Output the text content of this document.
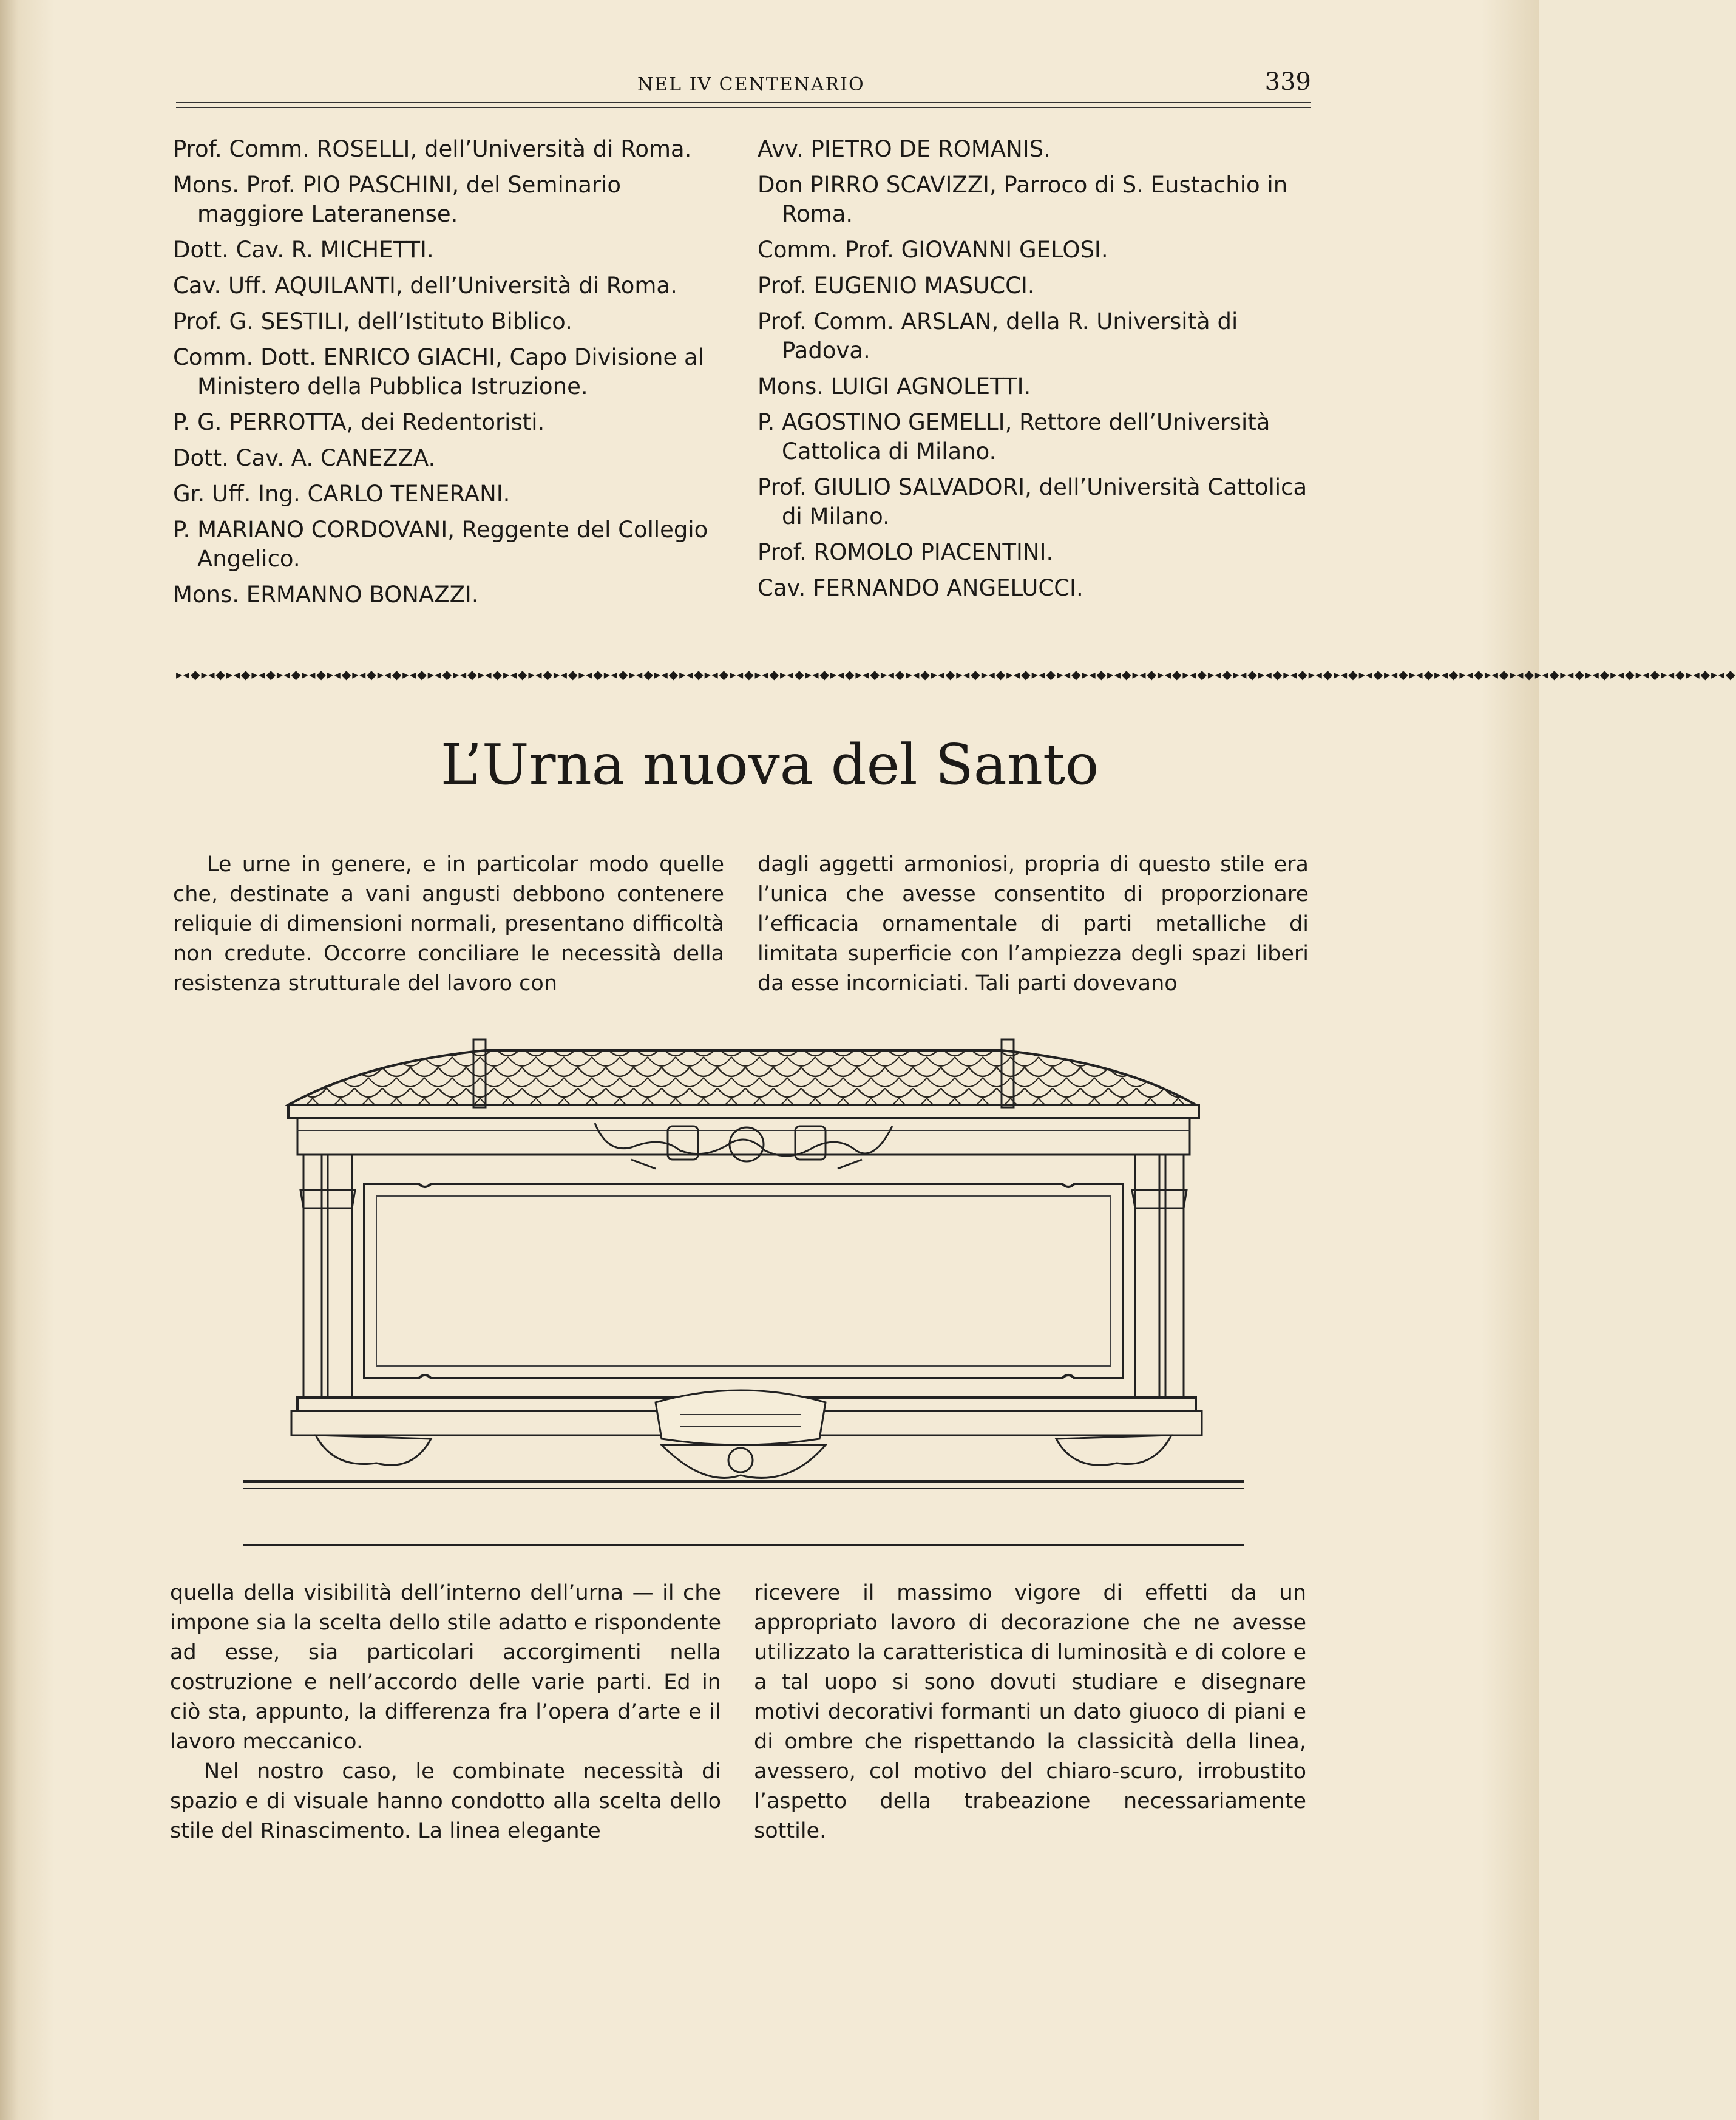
NEL IV CENTENARIO	339

Prof. Comm. ROSELLI, dell’Università di Roma.

Mons. Prof. PIO PASCHINI, del Seminario maggiore Lateranense.

Dott. Cav. R. MICHETTI.

Cav. Uff. AQUILANTI, dell’Università di Roma.

Prof. G. SESTILI, dell’Istituto Biblico.

Comm. Dott. ENRICO GIACHI, Capo Divisione al Ministero della Pubblica Istruzione.

P. G. PERROTTA, dei Redentoristi.

Dott. Cav. A. CANEZZA.

Gr. Uff. Ing. CARLO TENERANI.

P. MARIANO CORDOVANI, Reggente del Collegio Angelico.

Mons. ERMANNO BONAZZI.

Avv. PIETRO DE ROMANIS.

Don PIRRO SCAVIZZI, Parroco di S. Eustachio in Roma.

Comm. Prof. GIOVANNI GELOSI.

Prof. EUGENIO MASUCCI.

Prof. Comm. ARSLAN, della R. Università di Padova.

Mons. LUIGI AGNOLETTI.

P. AGOSTINO GEMELLI, Rettore dell’Università Cattolica di Milano.

Prof. GIULIO SALVADORI, dell’Università Cattolica di Milano.

Prof. ROMOLO PIACENTINI.

Cav. FERNANDO ANGELUCCI.

▸◂◆▸◂◆▸◂◆▸◂◆▸◂◆▸◂◆▸◂◆▸◂◆▸◂◆▸◂◆▸◂◆▸◂◆▸◂◆▸◂◆▸◂◆▸◂◆▸◂◆▸◂◆▸◂◆▸◂◆▸◂◆▸◂◆▸◂◆▸◂◆▸◂◆▸◂◆▸◂◆▸◂◆▸◂◆▸◂◆▸◂◆▸◂◆▸◂◆▸◂◆▸◂◆▸◂◆▸◂◆▸◂◆▸◂◆▸◂◆▸◂◆▸◂◆▸◂◆▸◂◆▸◂◆▸◂◆▸◂◆▸◂◆▸◂◆▸◂◆▸◂◆▸◂◆▸◂◆▸◂◆▸◂◆▸◂◆▸◂◆▸◂◆▸◂◆▸◂◆▸◂◆▸◂◆
L’Urna nuova del Santo

Le urne in genere, e in particolar modo quelle che, destinate a vani angusti debbono contenere reliquie di dimensioni normali, presentano difficoltà non credute. Occorre conciliare le necessità della resistenza strutturale del lavoro con

dagli aggetti armoniosi, propria di questo stile era l’unica che avesse consentito di proporzionare l’efficacia ornamentale di parti metalliche di limitata superficie con l’ampiezza degli spazi liberi da esse incorniciati. Tali parti dovevano

quella della visibilità dell’interno dell’urna — il che impone sia la scelta dello stile adatto e rispondente ad esse, sia particolari accorgimenti nella costruzione e nell’accordo delle varie parti. Ed in ciò sta, appunto, la differenza fra l’opera d’arte e il lavoro meccanico.

Nel nostro caso, le combinate necessità di spazio e di visuale hanno condotto alla scelta dello stile del Rinascimento. La linea elegante

ricevere il massimo vigore di effetti da un appropriato lavoro di decorazione che ne avesse utilizzato la caratteristica di luminosità e di colore e a tal uopo si sono dovuti studiare e disegnare motivi decorativi formanti un dato giuoco di piani e di ombre che rispettando la classicità della linea, avessero, col motivo del chiaro-scuro, irrobustito l’aspetto della trabeazione necessariamente sottile.
